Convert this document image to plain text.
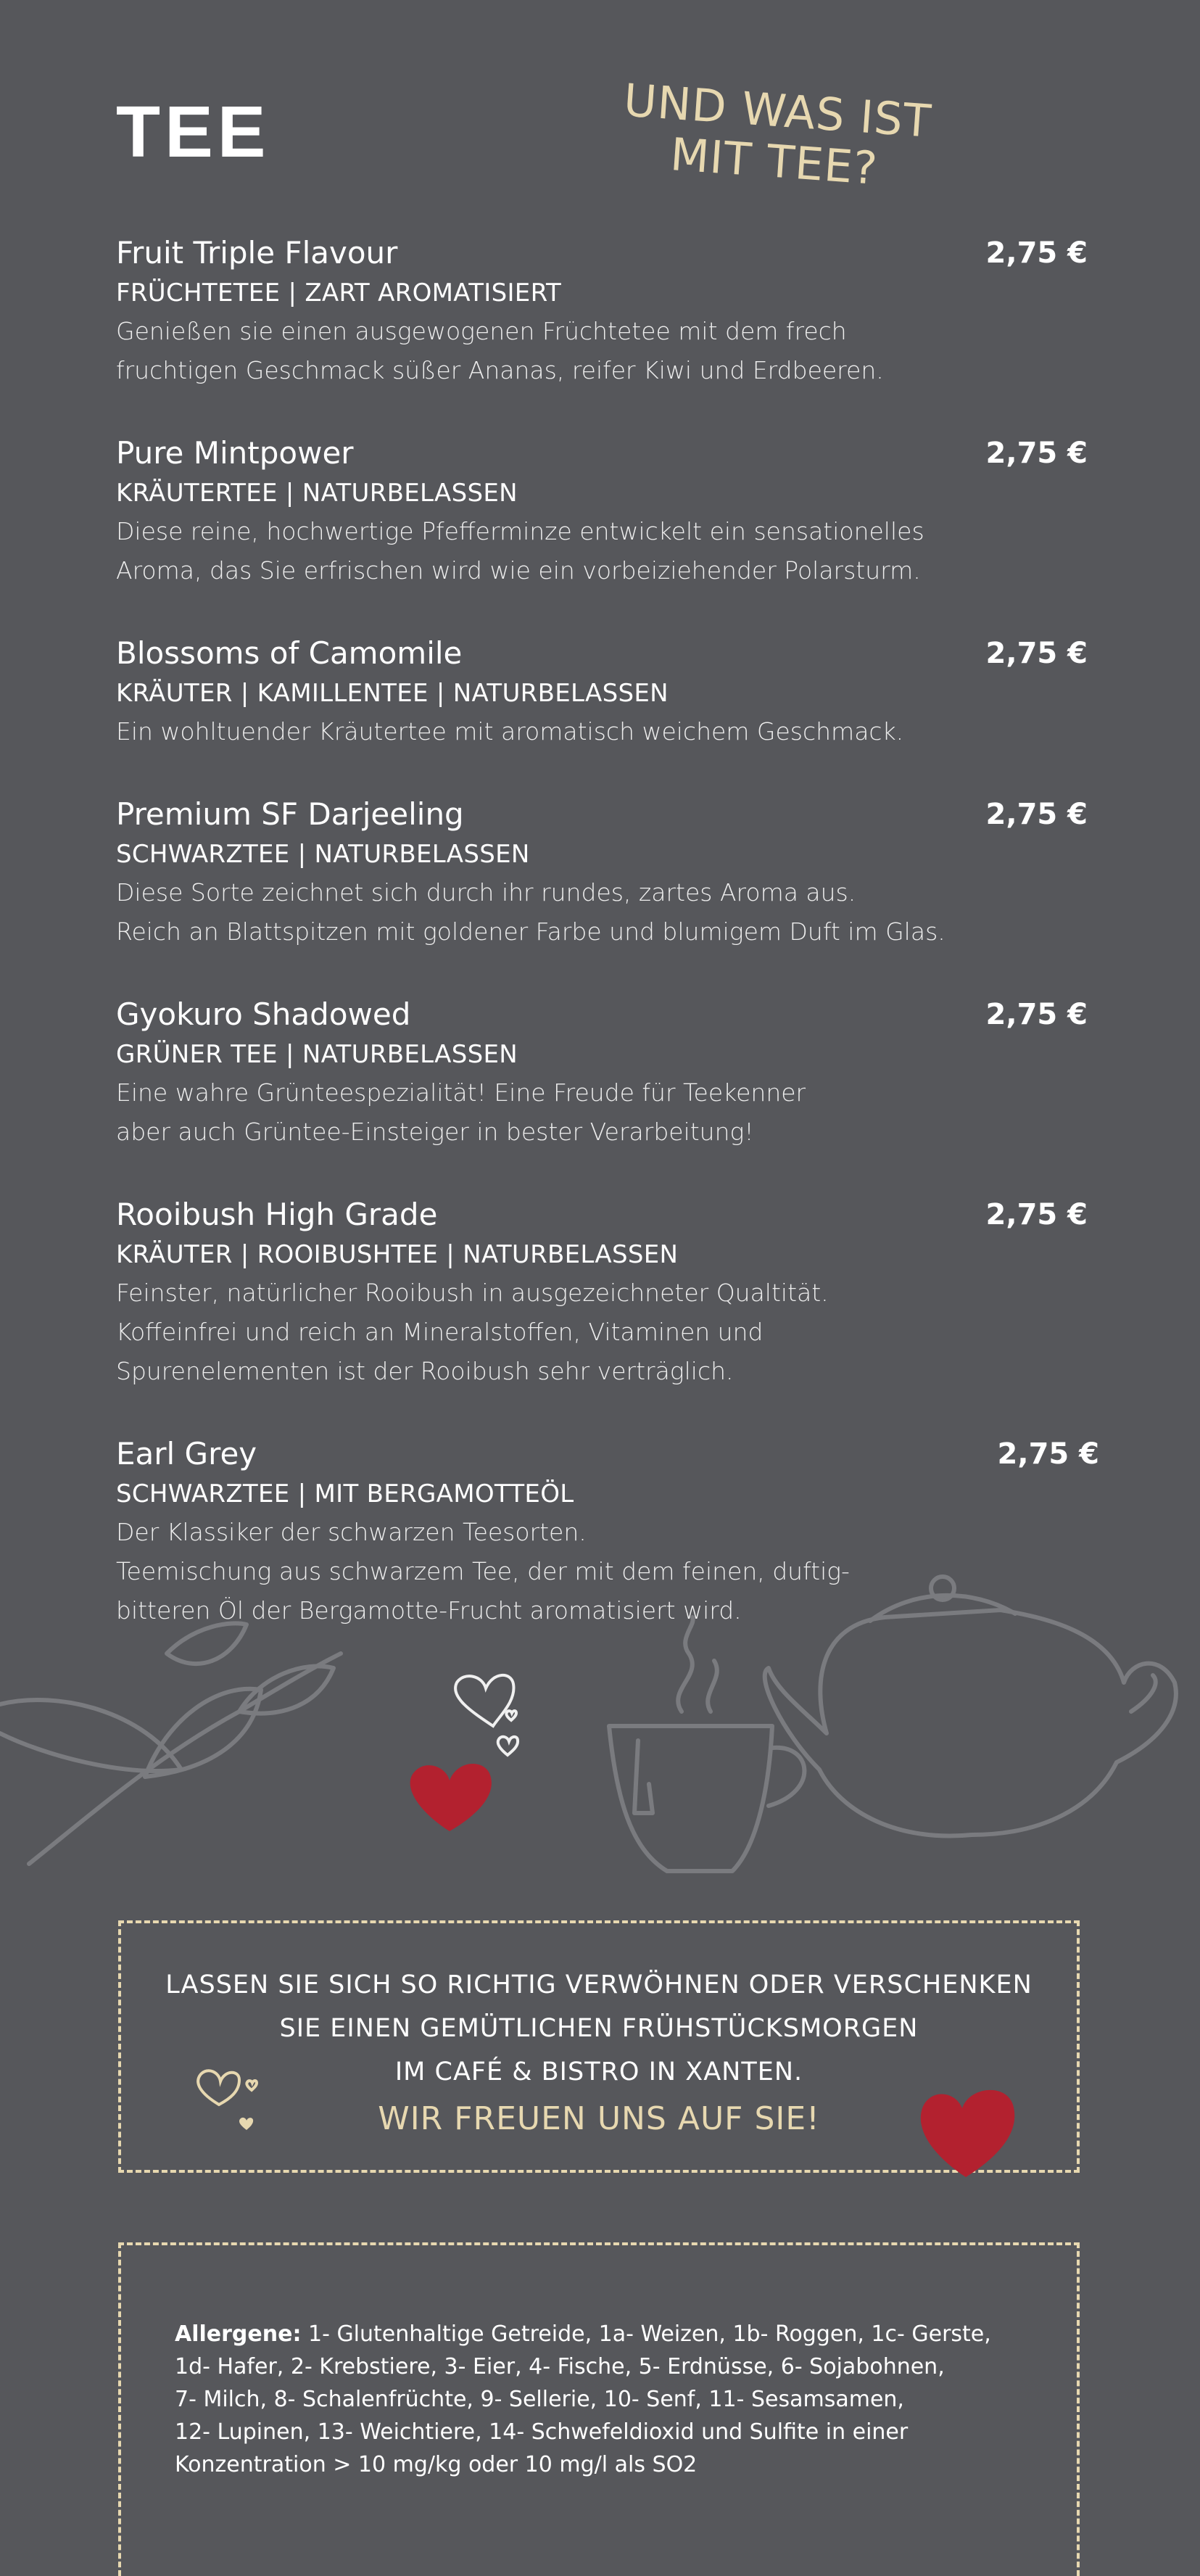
TEE	UND WAS IST
MIT TEE?
Fruit Triple Flavour	2,75 €
FRÜCHTETEE | ZART AROMATISIERT
Genießen sie einen ausgewogenen Früchtetee mit dem frech
fruchtigen Geschmack süßer Ananas, reifer Kiwi und Erdbeeren.
Pure Mintpower	2,75 €
KRÄUTERTEE | NATURBELASSEN
Diese reine, hochwertige Pfefferminze entwickelt ein sensationelles
Aroma, das Sie erfrischen wird wie ein vorbeiziehender Polarsturm.
Blossoms of Camomile	2,75 €
KRÄUTER | KAMILLENTEE | NATURBELASSEN
Ein wohltuender Kräutertee mit aromatisch weichem Geschmack.
Premium SF Darjeeling	2,75 €
SCHWARZTEE | NATURBELASSEN
Diese Sorte zeichnet sich durch ihr rundes, zartes Aroma aus.
Reich an Blattspitzen mit goldener Farbe und blumigem Duft im Glas.
Gyokuro Shadowed	2,75 €
GRÜNER TEE | NATURBELASSEN
Eine wahre Grünteespezialität! Eine Freude für Teekenner
aber auch Grüntee-Einsteiger in bester Verarbeitung!
Rooibush High Grade	2,75 €
KRÄUTER | ROOIBUSHTEE | NATURBELASSEN
Feinster, natürlicher Rooibush in ausgezeichneter Qualtität.
Koffeinfrei und reich an Mineralstoffen, Vitaminen und
Spurenelementen ist der Rooibush sehr verträglich.
Earl Grey	2,75 €
SCHWARZTEE | MIT BERGAMOTTEÖL
Der Klassiker der schwarzen Teesorten.
Teemischung aus schwarzem Tee, der mit dem feinen, duftig-
bitteren Öl der Bergamotte-Frucht aromatisiert wird.
LASSEN SIE SICH SO RICHTIG VERWÖHNEN ODER VERSCHENKEN
SIE EINEN GEMÜTLICHEN FRÜHSTÜCKSMORGEN
IM CAFÉ & BISTRO IN XANTEN.
WIR FREUEN UNS AUF SIE!
Allergene: 1- Glutenhaltige Getreide, 1a- Weizen, 1b- Roggen, 1c- Gerste,
1d- Hafer, 2- Krebstiere, 3- Eier, 4- Fische, 5- Erdnüsse, 6- Sojabohnen,
7- Milch, 8- Schalenfrüchte, 9- Sellerie, 10- Senf, 11- Sesamsamen,
12- Lupinen, 13- Weichtiere, 14- Schwefeldioxid und Sulfite in einer
Konzentration > 10 mg/kg oder 10 mg/l als SO2
